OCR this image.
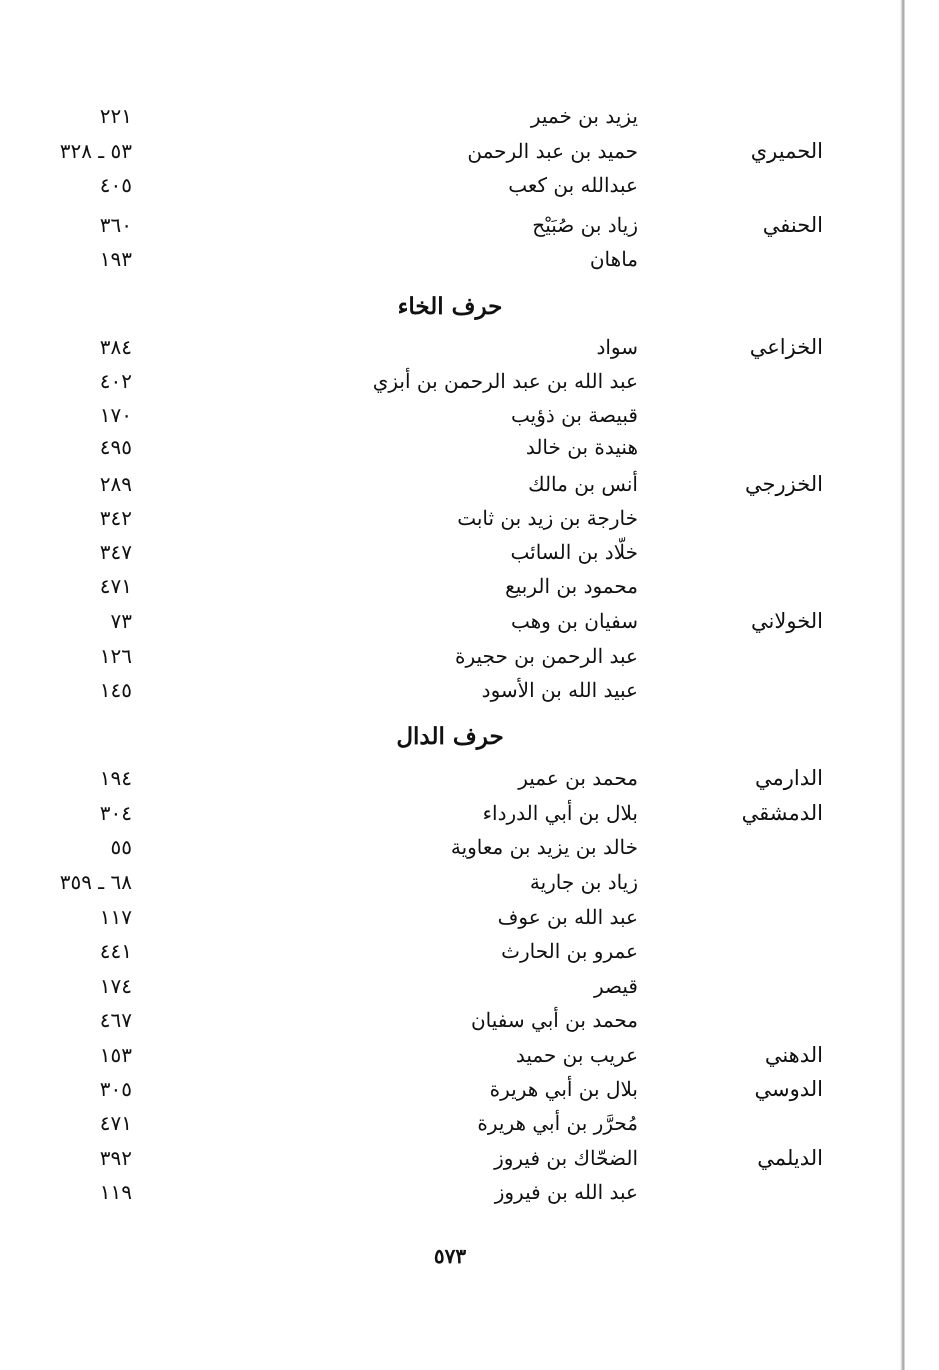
يزيد بن خمير
٢٢١
الحميري
حميد بن عبد الرحمن
٥٣ ـ ٣٢٨
عبدالله بن كعب
٤٠٥
الحنفي
زياد بن صُبَيْح
٣٦٠
ماهان
١٩٣
حرف الخاء
الخزاعي
سواد
٣٨٤
عبد الله بن عبد الرحمن بن أبزي
٤٠٢
قبيصة بن ذؤيب
١٧٠
هنيدة بن خالد
٤٩٥
الخزرجي
أنس بن مالك
٢٨٩
خارجة بن زيد بن ثابت
٣٤٢
خلّاد بن السائب
٣٤٧
محمود بن الربيع
٤٧١
الخولاني
سفيان بن وهب
٧٣
عبد الرحمن بن حجيرة
١٢٦
عبيد الله بن الأسود
١٤٥
حرف الدال
الدارمي
محمد بن عمير
١٩٤
الدمشقي
بلال بن أبي الدرداء
٣٠٤
خالد بن يزيد بن معاوية
٥٥
زياد بن جارية
٦٨ ـ ٣٥٩
عبد الله بن عوف
١١٧
عمرو بن الحارث
٤٤١
قيصر
١٧٤
محمد بن أبي سفيان
٤٦٧
الدهني
عريب بن حميد
١٥٣
الدوسي
بلال بن أبي هريرة
٣٠٥
مُحرَّر بن أبي هريرة
٤٧١
الديلمي
الضحّاك بن فيروز
٣٩٢
عبد الله بن فيروز
١١٩
٥٧٣
